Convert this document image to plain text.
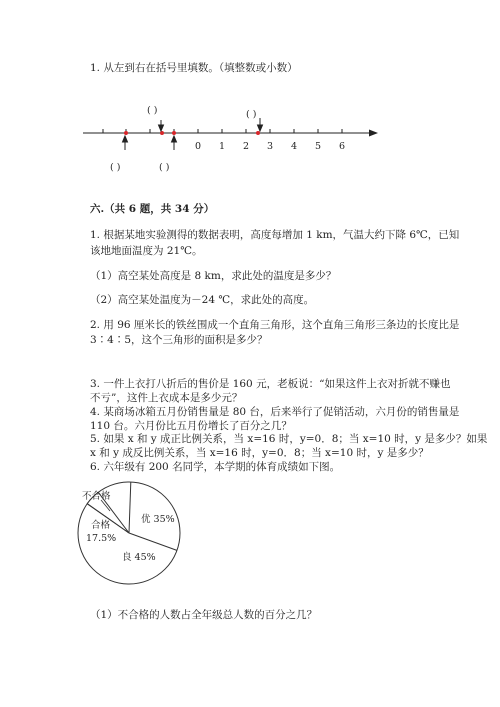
1. 从左到右在括号里填数。（填整数或小数）
( )	( )
( )	( )
0 1 2 3 4 5 6
不合格
合格
17.5%
优 35%
良 45%
六.（共 6 题，共 34 分）
1. 根据某地实验测得的数据表明，高度每增加 1 km，气温大约下降 6℃，已知
该地地面温度为 21℃。
（1）高空某处高度是 8 km，求此处的温度是多少？
（2）高空某处温度为－24 ℃，求此处的高度。
2. 用 96 厘米长的铁丝围成一个直角三角形，这个直角三角形三条边的长度比是
3∶4∶5，这个三角形的面积是多少？
3. 一件上衣打八折后的售价是 160 元，老板说：“如果这件上衣对折就不赚也
不亏”，这件上衣成本是多少元？
4. 某商场冰箱五月份销售量是 80 台，后来举行了促销活动，六月份的销售量是
110 台。六月份比五月份增长了百分之几？
5. 如果 x 和 y 成正比例关系，当 x=16 时，y=0．8；当 x=10 时，y 是多少？如果
x 和 y 成反比例关系，当 x=16 时，y=0．8；当 x=10 时，y 是多少？
6. 六年级有 200 名同学，本学期的体育成绩如下图。
（1）不合格的人数占全年级总人数的百分之几？
